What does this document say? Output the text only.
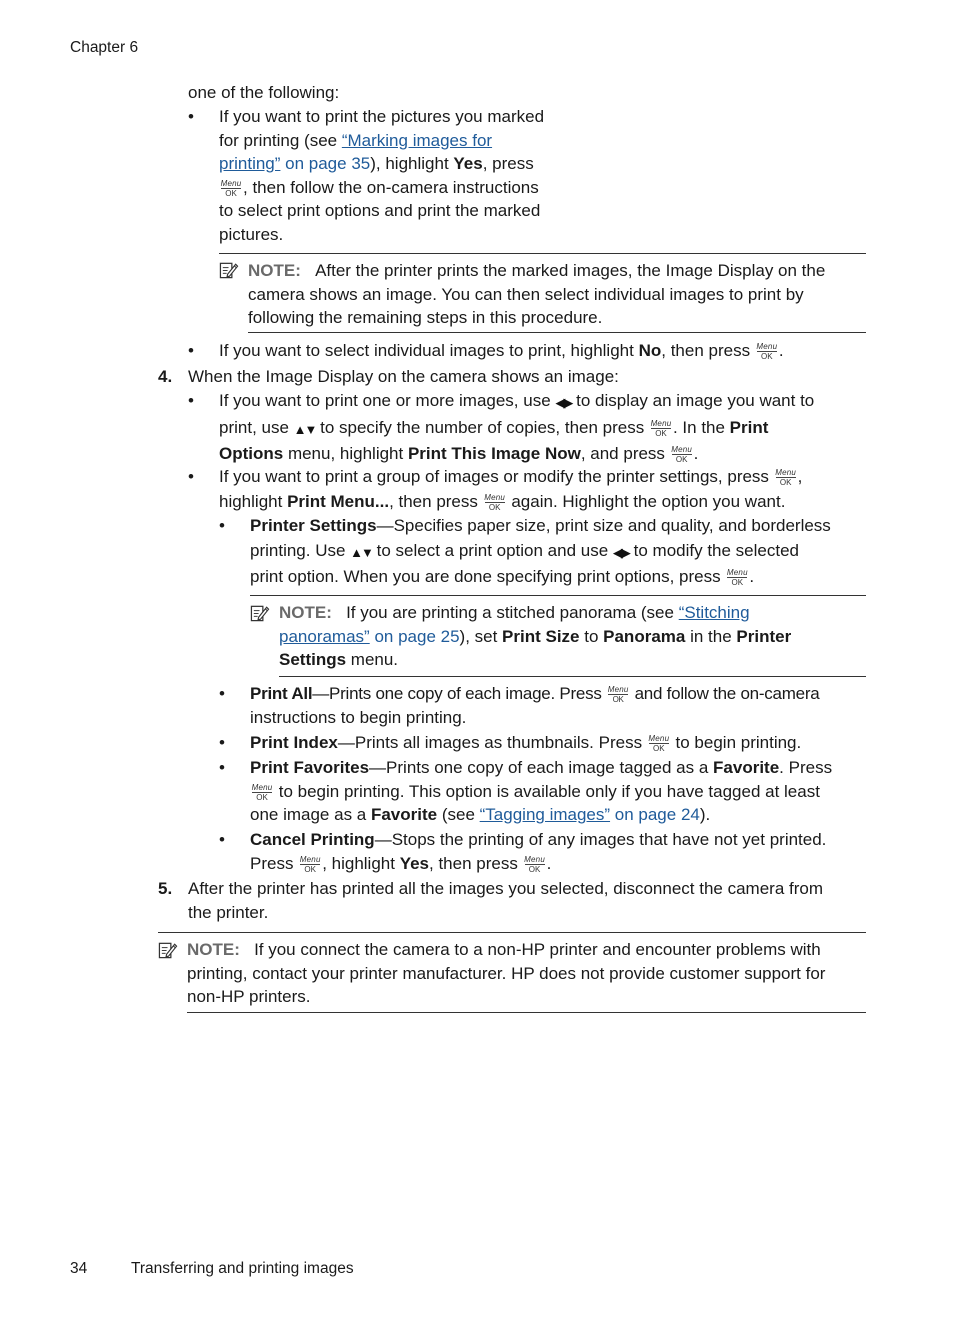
Chapter 6
one of the following:
• If you want to print the pictures you marked
for printing (see “Marking images for
printing” on page 35), highlight Yes, press
Menu
OK , then follow the on-camera instructions
to select print options and print the marked
pictures.
NOTE: After the printer prints the marked images, the Image Display on the
camera shows an image. You can then select individual images to print by
following the remaining steps in this procedure.
• If you want to select individual images to print, highlight No, then press Menu
OK .
4. When the Image Display on the camera shows an image:
• If you want to print one or more images, use ◀▶ to display an image you want to
print, use ▲▼ to specify the number of copies, then press Menu
OK . In the Print
Options menu, highlight Print This Image Now, and press Menu
OK .
• If you want to print a group of images or modify the printer settings, press Menu
OK ,
highlight Print Menu..., then press Menu
OK again. Highlight the option you want.
• Printer Settings—Specifies paper size, print size and quality, and borderless
printing. Use ▲▼ to select a print option and use ◀▶ to modify the selected
print option. When you are done specifying print options, press Menu
OK .
NOTE: If you are printing a stitched panorama (see “Stitching
panoramas” on page 25), set Print Size to Panorama in the Printer
Settings menu.
• Print All—Prints one copy of each image. Press Menu
OK and follow the on-camera
instructions to begin printing.
• Print Index—Prints all images as thumbnails. Press Menu
OK to begin printing.
• Print Favorites—Prints one copy of each image tagged as a Favorite. Press
Menu
OK to begin printing. This option is available only if you have tagged at least
one image as a Favorite (see “Tagging images” on page 24).
• Cancel Printing—Stops the printing of any images that have not yet printed.
Press Menu
OK , highlight Yes, then press Menu
OK .
5. After the printer has printed all the images you selected, disconnect the camera from
the printer.
NOTE: If you connect the camera to a non-HP printer and encounter problems with
printing, contact your printer manufacturer. HP does not provide customer support for
non-HP printers.
34	Transferring and printing images
